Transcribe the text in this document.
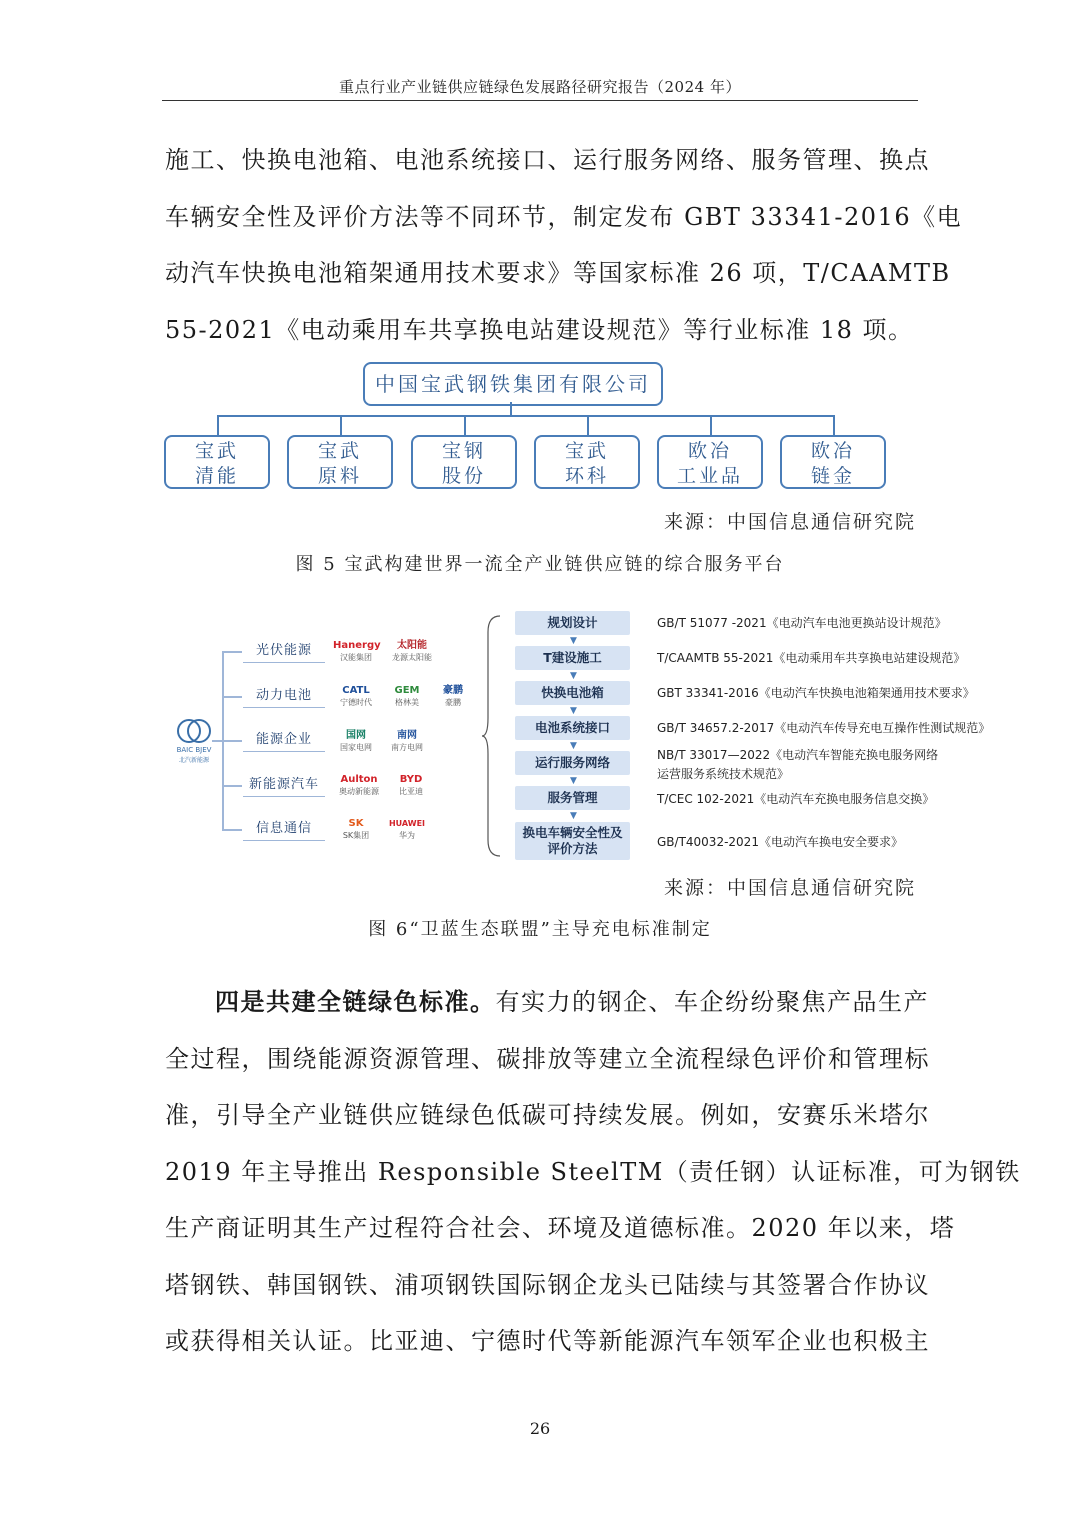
重点行业产业链供应链绿色发展路径研究报告（2024 年）

施工、快换电池箱、电池系统接口、运行服务网络、服务管理、换点

车辆安全性及评价方法等不同环节，制定发布 GBT 33341-2016《电

动汽车快换电池箱架通用技术要求》等国家标准 26 项，T/CAAMTB

55-2021《电动乘用车共享换电站建设规范》等行业标准 18 项。

中国宝武钢铁集团有限公司
宝武
清能
宝武
原料
宝钢
股份
宝武
环科
欧冶
工业品
欧冶
链金
来源：中国信息通信研究院
图 5 宝武构建世界一流全产业链供应链的综合服务平台
BAIC BJEV
北汽新能源
光伏能源
动力电池
能源企业
新能源汽车
信息通信
Hanergy
汉能集团
太阳能
龙源太阳能
CATL
宁德时代
GEM
格林美
豪鹏
豪鹏
国网
国家电网
南网
南方电网
Aulton
奥动新能源
BYD
比亚迪
SK
SK集团
HUAWEI
华为
规划设计
▼
T建设施工
▼
快换电池箱
▼
电池系统接口
▼
运行服务网络
▼
服务管理
▼
换电车辆安全性及
评价方法
GB/T 51077 -2021《电动汽车电池更换站设计规范》
T/CAAMTB 55-2021《电动乘用车共享换电站建设规范》
GBT 33341-2016《电动汽车快换电池箱架通用技术要求》
GB/T 34657.2-2017《电动汽车传导充电互操作性测试规范》
NB/T 33017—2022《电动汽车智能充换电服务网络
运营服务系统技术规范》
T/CEC 102-2021《电动汽车充换电服务信息交换》
GB/T40032-2021《电动汽车换电安全要求》
来源：中国信息通信研究院
图 6“卫蓝生态联盟”主导充电标准制定

四是共建全链绿色标准。有实力的钢企、车企纷纷聚焦产品生产

全过程，围绕能源资源管理、碳排放等建立全流程绿色评价和管理标

准，引导全产业链供应链绿色低碳可持续发展。例如，安赛乐米塔尔

2019 年主导推出 Responsible SteelTM（责任钢）认证标准，可为钢铁

生产商证明其生产过程符合社会、环境及道德标准。2020 年以来，塔

塔钢铁、韩国钢铁、浦项钢铁国际钢企龙头已陆续与其签署合作协议

或获得相关认证。比亚迪、宁德时代等新能源汽车领军企业也积极主

26
